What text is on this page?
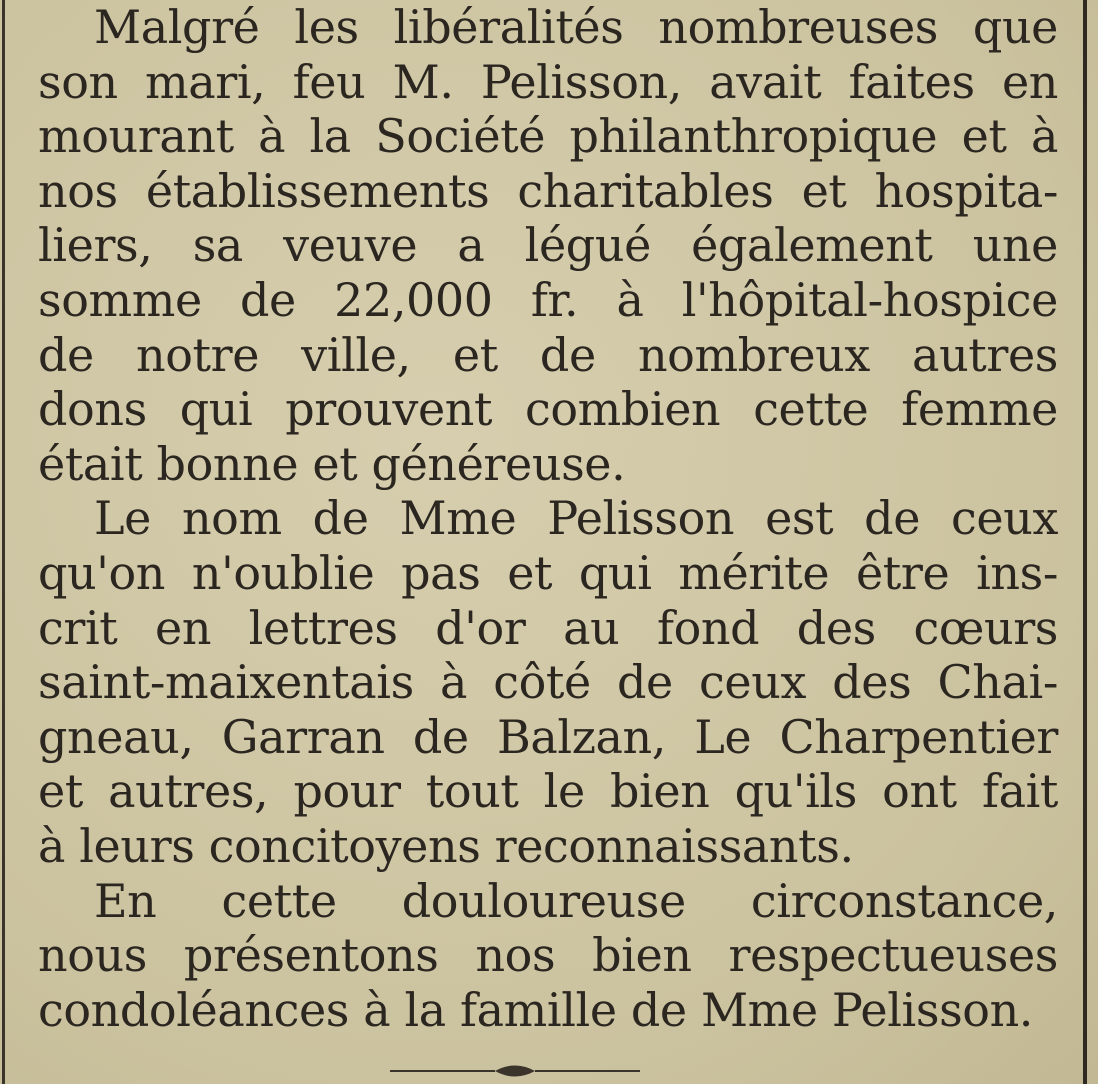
Malgré les libéralités nombreuses que
son mari, feu M. Pelisson, avait faites en
mourant à la Société philanthropique et à
nos établissements charitables et hospita-
liers, sa veuve a légué également une
somme de 22,000 fr. à l'hôpital-hospice
de notre ville, et de nombreux autres
dons qui prouvent combien cette femme
était bonne et généreuse.
Le nom de Mme Pelisson est de ceux
qu'on n'oublie pas et qui mérite être ins-
crit en lettres d'or au fond des cœurs
saint-maixentais à côté de ceux des Chai-
gneau, Garran de Balzan, Le Charpentier
et autres, pour tout le bien qu'ils ont fait
à leurs concitoyens reconnaissants.
En cette douloureuse circonstance,
nous présentons nos bien respectueuses
condoléances à la famille de Mme Pelisson.
